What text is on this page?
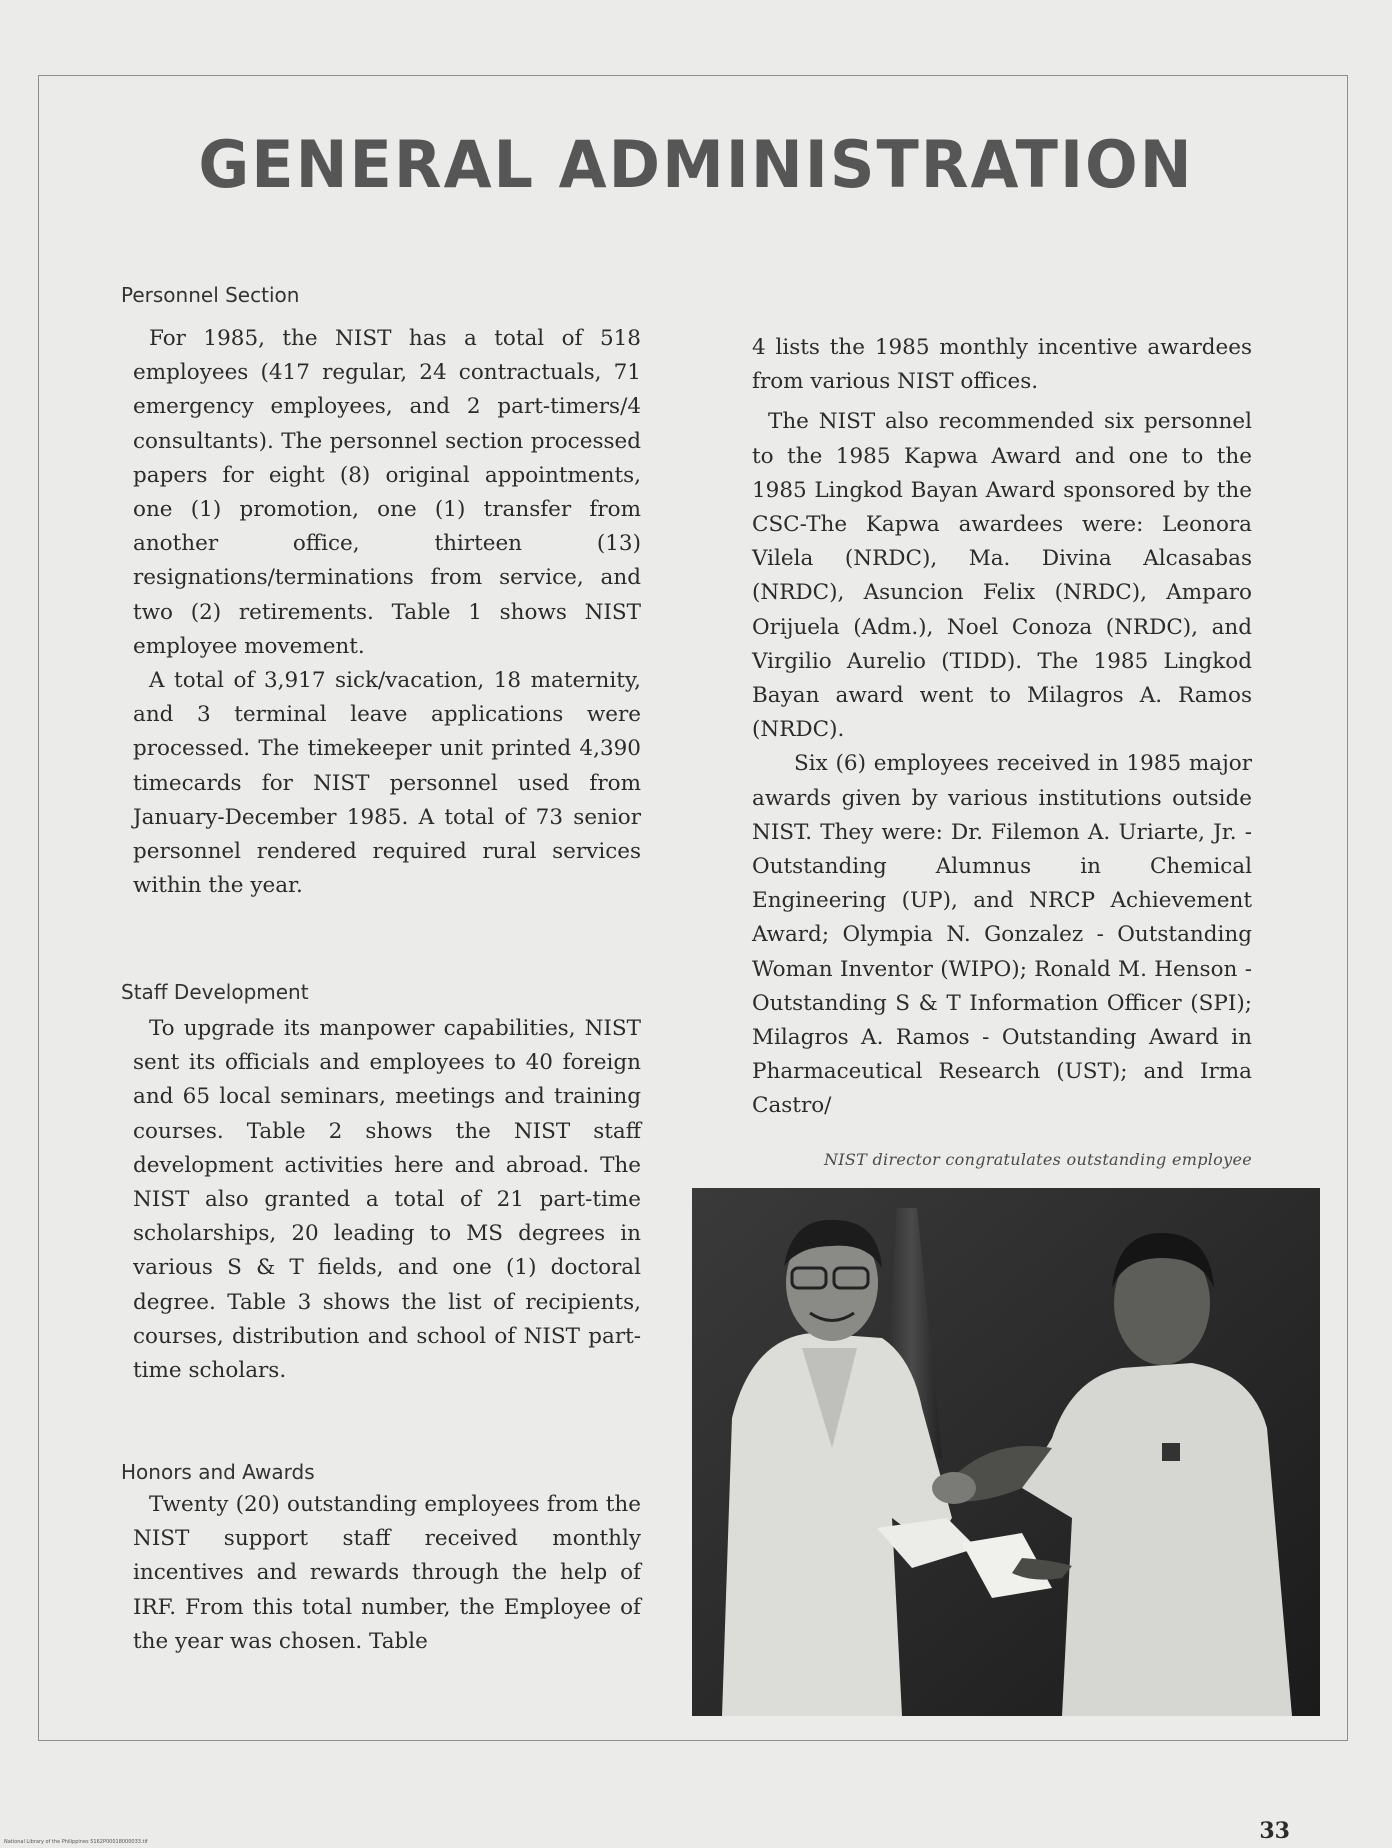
GENERAL ADMINISTRATION
Personnel Section

For 1985, the NIST has a total of 518 employees (417 regular, 24 contractuals, 71 emergency employees, and 2 part-timers/4 consultants). The personnel section processed papers for eight (8) original appointments, one (1) promotion, one (1) transfer from another office, thirteen (13) resignations/terminations from service, and two (2) retirements. Table 1 shows NIST employee movement.

A total of 3,917 sick/vacation, 18 maternity, and 3 terminal leave applications were processed. The timekeeper unit printed 4,390 timecards for NIST personnel used from January-December 1985. A total of 73 senior personnel rendered required rural services within the year.

Staff Development

To upgrade its manpower capabilities, NIST sent its officials and employees to 40 foreign and 65 local seminars, meetings and training courses. Table 2 shows the NIST staff development activities here and abroad. The NIST also granted a total of 21 part-time scholarships, 20 leading to MS degrees in various S & T fields, and one (1) doctoral degree. Table 3 shows the list of recipients, courses, distribution and school of NIST part-time scholars.

Honors and Awards

Twenty (20) outstanding employees from the NIST support staff received monthly incentives and rewards through the help of IRF. From this total number, the Employee of the year was chosen. Table

4 lists the 1985 monthly incentive awardees from various NIST offices.

The NIST also recommended six personnel to the 1985 Kapwa Award and one to the 1985 Lingkod Bayan Award sponsored by the CSC-The Kapwa awardees were: Leonora Vilela (NRDC), Ma. Divina Alcasabas (NRDC), Asuncion Felix (NRDC), Amparo Orijuela (Adm.), Noel Conoza (NRDC), and Virgilio Aurelio (TIDD). The 1985 Lingkod Bayan award went to Milagros A. Ramos (NRDC).

Six (6) employees received in 1985 major awards given by various institutions outside NIST. They were: Dr. Filemon A. Uriarte, Jr. - Outstanding Alumnus in Chemical Engineering (UP), and NRCP Achievement Award; Olympia N. Gonzalez - Outstanding Woman Inventor (WIPO); Ronald M. Henson - Outstanding S & T Information Officer (SPI); Milagros A. Ramos - Outstanding Award in Pharmaceutical Research (UST); and Irma Castro/

NIST director congratulates outstanding employee
33
National Library of the Philippines 5162P00018000033.tif
